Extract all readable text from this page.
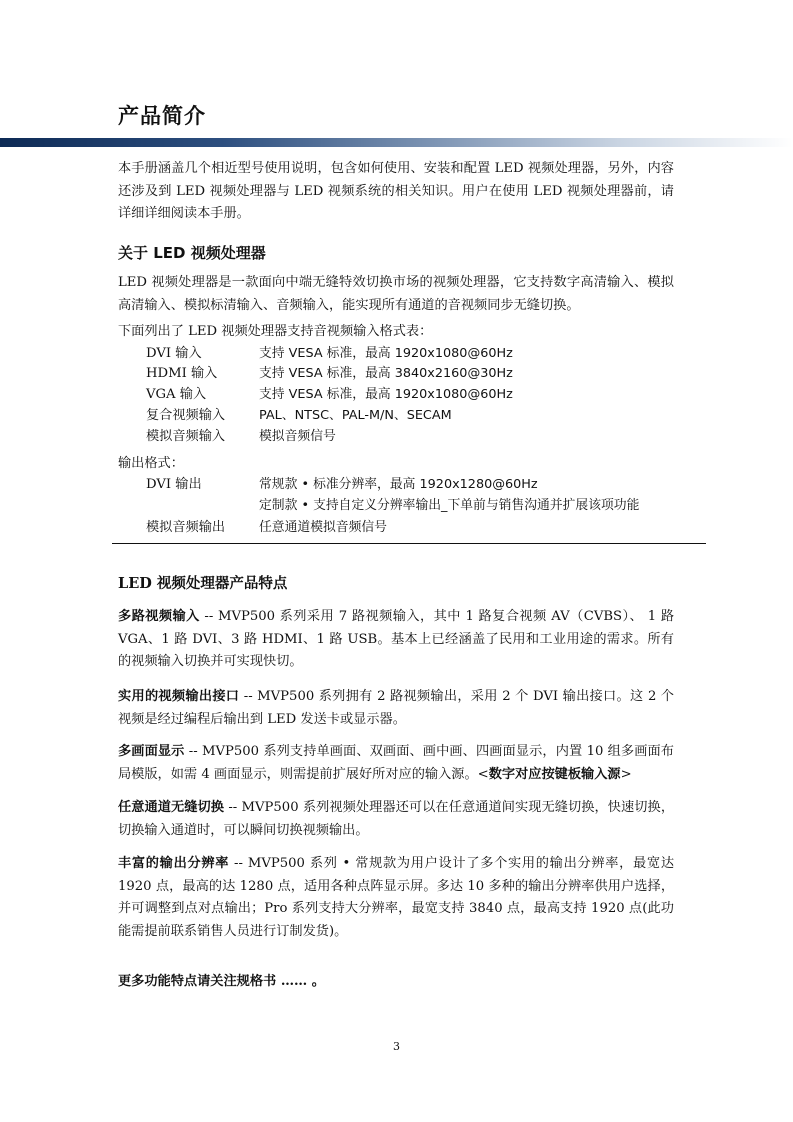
产品简介

本手册涵盖几个相近型号使用说明，包含如何使用、安装和配置 LED 视频处理器，另外，内容还涉及到 LED 视频处理器与 LED 视频系统的相关知识。用户在使用 LED 视频处理器前，请详细详细阅读本手册。

关于 LED 视频处理器

LED 视频处理器是一款面向中端无缝特效切换市场的视频处理器，它支持数字高清输入、模拟高清输入、模拟标清输入、音频输入，能实现所有通道的音视频同步无缝切换。

下面列出了 LED 视频处理器支持音视频输入格式表：

DVI 输入	支持 VESA 标准，最高 1920x1080@60Hz

HDMI 输入	支持 VESA 标准，最高 3840x2160@30Hz

VGA 输入	支持 VESA 标准，最高 1920x1080@60Hz

复合视频输入	PAL、NTSC、PAL-M/N、SECAM

模拟音频输入	模拟音频信号

输出格式：

DVI 输出	常规款 • 标准分辨率，最高 1920x1280@60Hz

定制款 • 支持自定义分辨率输出_下单前与销售沟通并扩展该项功能

模拟音频输出	任意通道模拟音频信号

LED 视频处理器产品特点

多路视频输入 -- MVP500 系列采用 7 路视频输入，其中 1 路复合视频 AV（CVBS）、 1 路 VGA、1 路 DVI、3 路 HDMI、1 路 USB。基本上已经涵盖了民用和工业用途的需求。所有的视频输入切换并可实现快切。

实用的视频输出接口 -- MVP500 系列拥有 2 路视频输出，采用 2 个 DVI 输出接口。这 2 个视频是经过编程后输出到 LED 发送卡或显示器。

多画面显示 -- MVP500 系列支持单画面、双画面、画中画、四画面显示，内置 10 组多画面布局模版，如需 4 画面显示，则需提前扩展好所对应的输入源。<数字对应按键板输入源>

任意通道无缝切换 -- MVP500 系列视频处理器还可以在任意通道间实现无缝切换，快速切换，切换输入通道时，可以瞬间切换视频输出。

丰富的输出分辨率 -- MVP500 系列 • 常规款为用户设计了多个实用的输出分辨率，最宽达 1920 点，最高的达 1280 点，适用各种点阵显示屏。多达 10 多种的输出分辨率供用户选择，并可调整到点对点输出；Pro 系列支持大分辨率，最宽支持 3840 点，最高支持 1920 点(此功能需提前联系销售人员进行订制发货)。

更多功能特点请关注规格书 …… 。

3
